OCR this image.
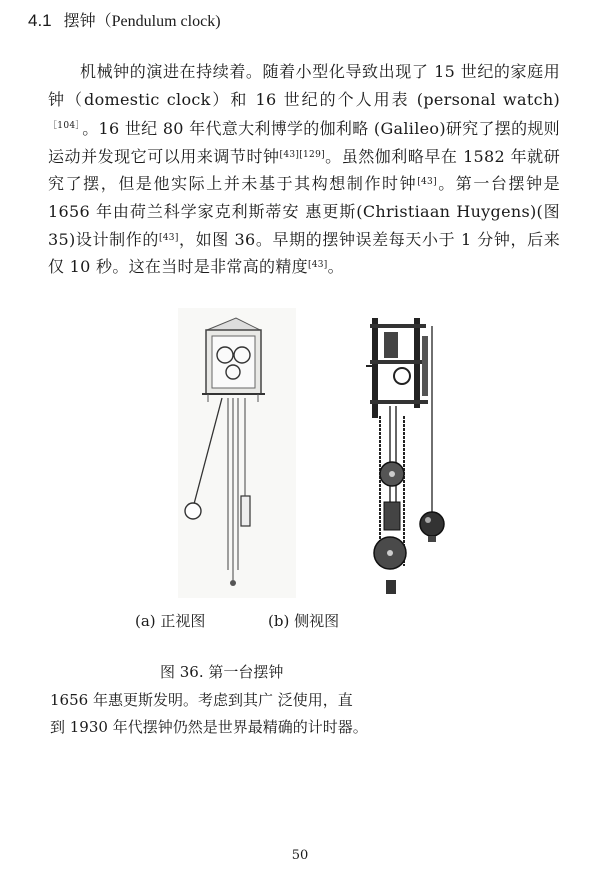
4.1 摆钟（Pendulum clock)

机械钟的演进在持续着。随着小型化导致出现了 15 世纪的家庭用钟（domestic clock）和 16 世纪的个人用表 (personal watch)$^{[104]}$ 。16 世纪 80 年代意大利博学的伽利略 (Galileo)研究了摆的规则运动并发现它可以用来调节时钟[43][129]。虽然伽利略早在 1582 年就研究了摆，但是他实际上并未基于其构想制作时钟[43]。第一台摆钟是 1656 年由荷兰科学家克利斯蒂安 惠更斯(Christiaan Huygens)(图 35)设计制作的[43]，如图 36。早期的摆钟误差每天小于 1 分钟，后来仅 10 秒。这在当时是非常高的精度[43]。

(a) 正视图	(b) 侧视图
图 36. 第一台摆钟

1656 年惠更斯发明。考虑到其广 泛使用，直

到 1930 年代摆钟仍然是世界最精确的计时器。

50
